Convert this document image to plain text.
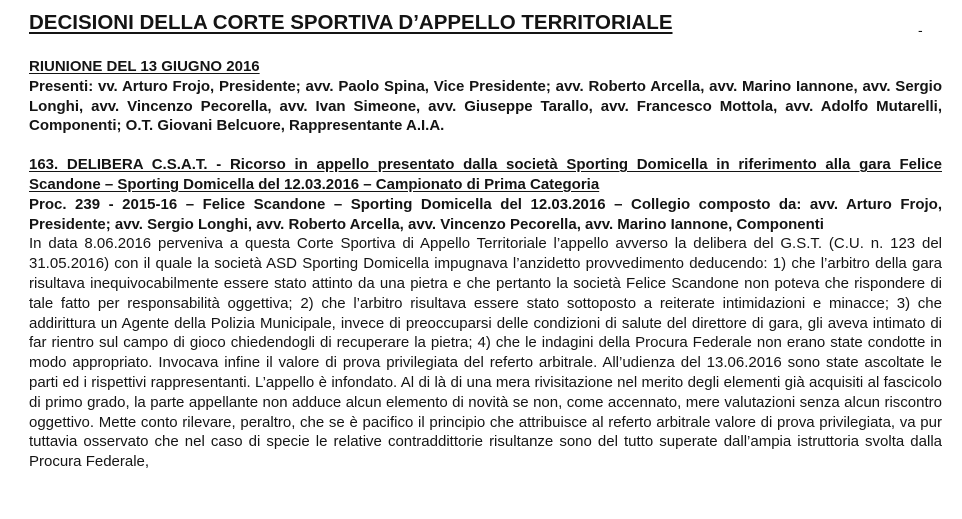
DECISIONI DELLA CORTE SPORTIVA D’APPELLO TERRITORIALE	-

RIUNIONE DEL 13 GIUGNO 2016

Presenti: vv. Arturo Frojo, Presidente; avv. Paolo Spina, Vice Presidente; avv. Roberto Arcella, avv. Marino Iannone, avv. Sergio Longhi, avv. Vincenzo Pecorella, avv. Ivan Simeone, avv. Giuseppe Tarallo, avv. Francesco Mottola, avv. Adolfo Mutarelli, Componenti; O.T. Giovani Belcuore, Rappresentante A.I.A.

163. DELIBERA C.S.A.T. - Ricorso in appello presentato dalla società Sporting Domicella in riferimento alla gara Felice Scandone – Sporting Domicella del 12.03.2016 – Campionato di Prima Categoria

Proc. 239 - 2015-16 – Felice Scandone – Sporting Domicella del 12.03.2016 – Collegio composto da: avv. Arturo Frojo, Presidente; avv. Sergio Longhi, avv. Roberto Arcella, avv. Vincenzo Pecorella, avv. Marino Iannone, Componenti

In data 8.06.2016 perveniva a questa Corte Sportiva di Appello Territoriale l’appello avverso la delibera del G.S.T. (C.U. n. 123 del 31.05.2016) con il quale la società ASD Sporting Domicella impugnava l’anzidetto provvedimento deducendo: 1) che l’arbitro della gara risultava inequivocabilmente essere stato attinto da una pietra e che pertanto la società Felice Scandone non poteva che rispondere di tale fatto per responsabilità oggettiva; 2) che l’arbitro risultava essere stato sottoposto a reiterate intimidazioni e minacce; 3) che addirittura un Agente della Polizia Municipale, invece di preoccuparsi delle condizioni di salute del direttore di gara, gli aveva intimato di far rientro sul campo di gioco chiedendogli di recuperare la pietra; 4) che le indagini della Procura Federale non erano state condotte in modo appropriato. Invocava infine il valore di prova privilegiata del referto arbitrale. All’udienza del 13.06.2016 sono state ascoltate le parti ed i rispettivi rappresentanti. L’appello è infondato. Al di là di una mera rivisitazione nel merito degli elementi già acquisiti al fascicolo di primo grado, la parte appellante non adduce alcun elemento di novità se non, come accennato, mere valutazioni senza alcun riscontro oggettivo. Mette conto rilevare, peraltro, che se è pacifico il principio che attribuisce al referto arbitrale valore di prova privilegiata, va pur tuttavia osservato che nel caso di specie le relative contraddittorie risultanze sono del tutto superate dall’ampia istruttoria svolta dalla Procura Federale,
